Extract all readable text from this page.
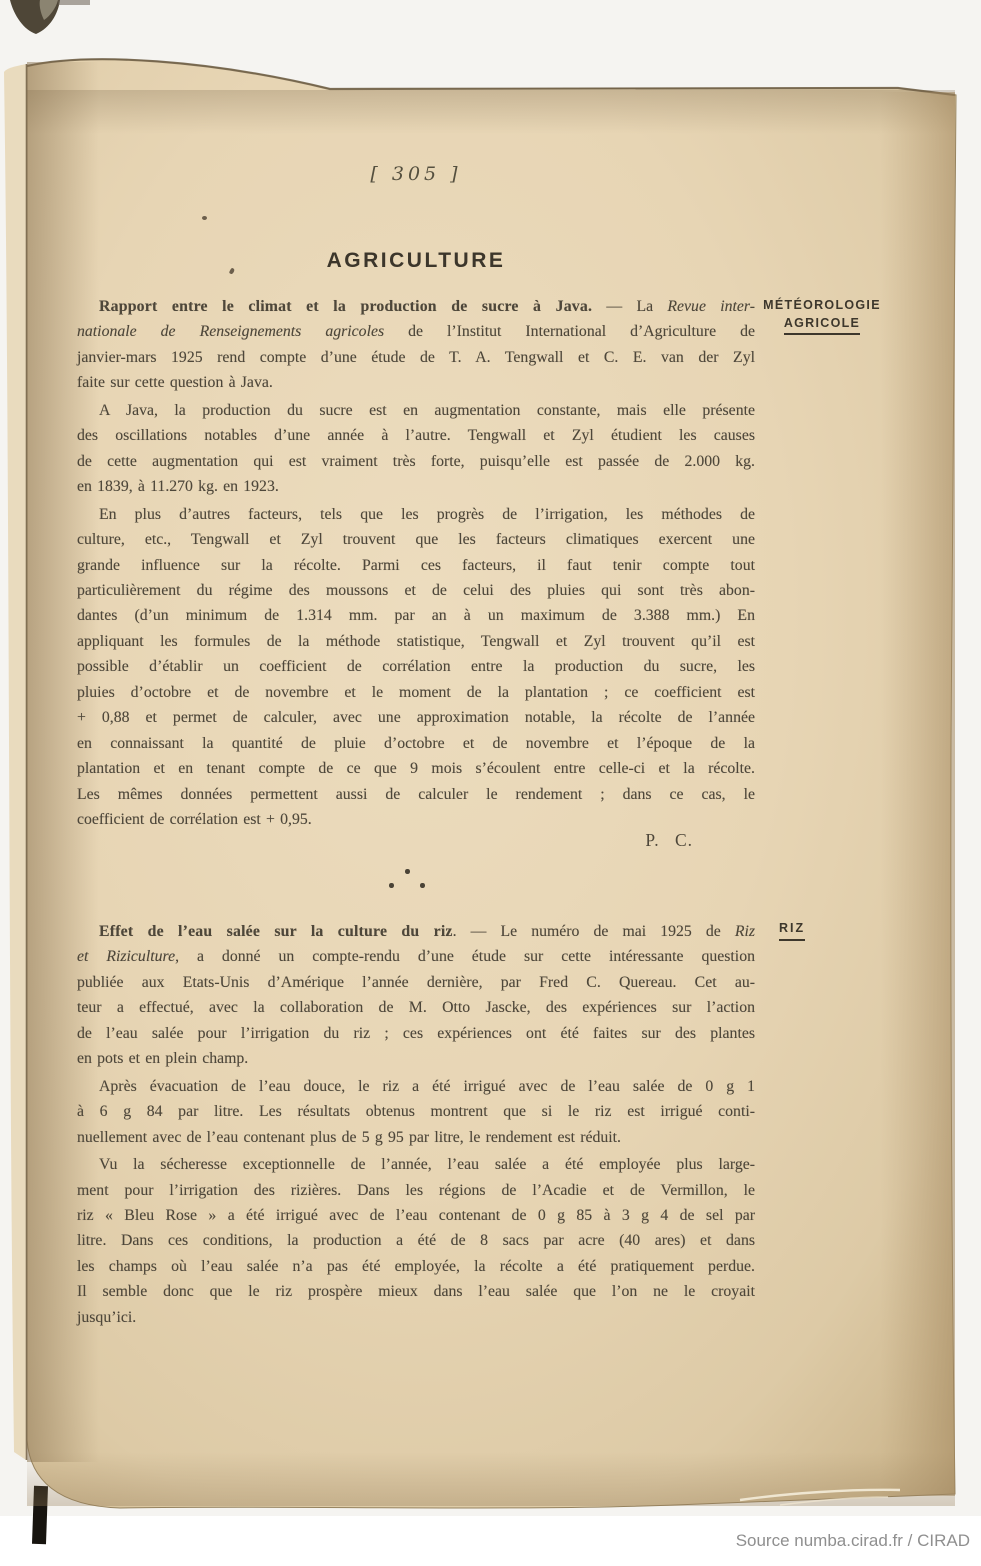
[ 305 ]
AGRICULTURE
MÉTÉOROLOGIE
AGRICOLE
Rapport entre le climat et la production de sucre à Java. — La Revue inter-
nationale de Renseignements agricoles de l’Institut International d’Agriculture de
janvier-mars 1925 rend compte d’une étude de T. A. Tengwall et C. E. van der Zyl
faite sur cette question à Java.
A Java, la production du sucre est en augmentation constante, mais elle présente
des oscillations notables d’une année à l’autre. Tengwall et Zyl étudient les causes
de cette augmentation qui est vraiment très forte, puisqu’elle est passée de 2.000 kg.
en 1839, à 11.270 kg. en 1923.
En plus d’autres facteurs, tels que les progrès de l’irrigation, les méthodes de
culture, etc., Tengwall et Zyl trouvent que les facteurs climatiques exercent une
grande influence sur la récolte. Parmi ces facteurs, il faut tenir compte tout
particulièrement du régime des moussons et de celui des pluies qui sont très abon-
dantes (d’un minimum de 1.314 mm. par an à un maximum de 3.388 mm.) En
appliquant les formules de la méthode statistique, Tengwall et Zyl trouvent qu’il est
possible d’établir un coefficient de corrélation entre la production du sucre, les
pluies d’octobre et de novembre et le moment de la plantation ; ce coefficient est
+ 0,88 et permet de calculer, avec une approximation notable, la récolte de l’année
en connaissant la quantité de pluie d’octobre et de novembre et l’époque de la
plantation et en tenant compte de ce que 9 mois s’écoulent entre celle-ci et la récolte.
Les mêmes données permettent aussi de calculer le rendement ; dans ce cas, le
coefficient de corrélation est + 0,95.
P. C.
RIZ
Effet de l’eau salée sur la culture du riz. — Le numéro de mai 1925 de Riz
et Riziculture, a donné un compte-rendu d’une étude sur cette intéressante question
publiée aux Etats-Unis d’Amérique l’année dernière, par Fred C. Quereau. Cet au-
teur a effectué, avec la collaboration de M. Otto Jascke, des expériences sur l’action
de l’eau salée pour l’irrigation du riz ; ces expériences ont été faites sur des plantes
en pots et en plein champ.
Après évacuation de l’eau douce, le riz a été irrigué avec de l’eau salée de 0 g 1
à 6 g 84 par litre. Les résultats obtenus montrent que si le riz est irrigué conti-
nuellement avec de l’eau contenant plus de 5 g 95 par litre, le rendement est réduit.
Vu la sécheresse exceptionnelle de l’année, l’eau salée a été employée plus large-
ment pour l’irrigation des rizières. Dans les régions de l’Acadie et de Vermillon, le
riz « Bleu Rose » a été irrigué avec de l’eau contenant de 0 g 85 à 3 g 4 de sel par
litre. Dans ces conditions, la production a été de 8 sacs par acre (40 ares) et dans
les champs où l’eau salée n’a pas été employée, la récolte a été pratiquement perdue.
Il semble donc que le riz prospère mieux dans l’eau salée que l’on ne le croyait
jusqu’ici.
Source numba.cirad.fr / CIRAD
